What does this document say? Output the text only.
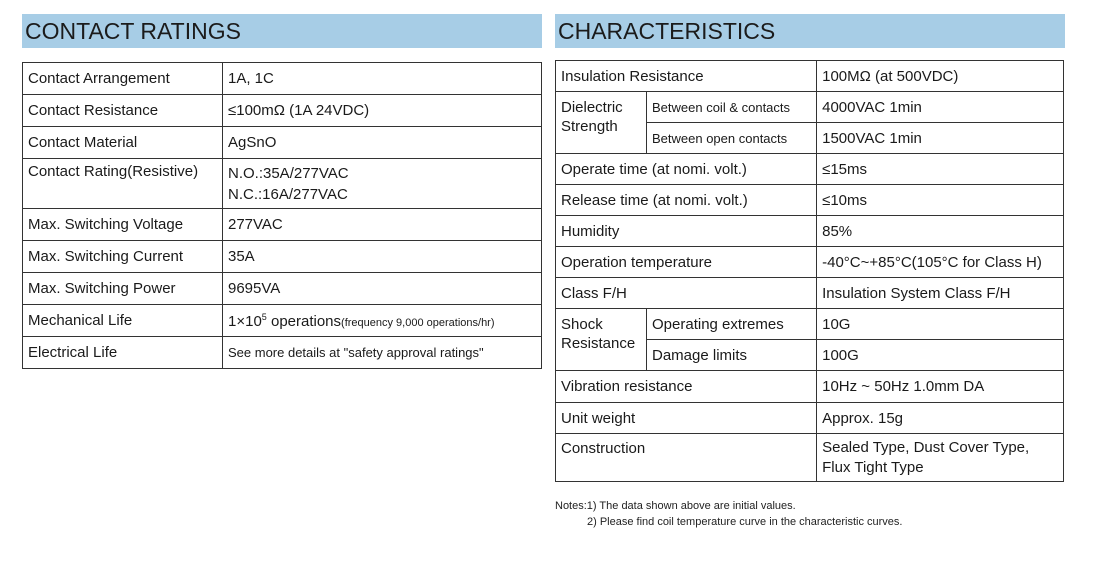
CONTACT RATINGS
Contact Arrangement	1A, 1C
Contact Resistance	≤100mΩ (1A 24VDC)
Contact Material	AgSnO
Contact Rating(Resistive)	N.O.:35A/277VAC
N.C.:16A/277VAC

Max. Switching Voltage	277VAC
Max. Switching Current	35A
Max. Switching Power	9695VA
Mechanical Life	$1\times 10^5$ operations(frequency 9,000 operations/hr)
Electrical Life	See more details at "safety approval ratings"
CHARACTERISTICS
Insulation Resistance		100MΩ (at 500VDC)
Dielectric Strength	Between coil & contacts	4000VAC 1min
	Between open contacts	1500VAC 1min
Operate time (at nomi. volt.)		≤15ms
Release time (at nomi. volt.)		≤10ms
Humidity		85%
Operation temperature		-40°C~+85°C(105°C for Class H)
Class F/H		Insulation System Class F/H
Shock Resistance	Operating extremes	10G
	Damage limits	100G
Vibration resistance		10Hz ~ 50Hz 1.0mm DA
Unit weight		Approx. 15g
Construction		Sealed Type, Dust Cover Type,
Flux Tight Type
Notes:1) The data shown above are initial values.
2) Please find coil temperature curve in the characteristic curves.
